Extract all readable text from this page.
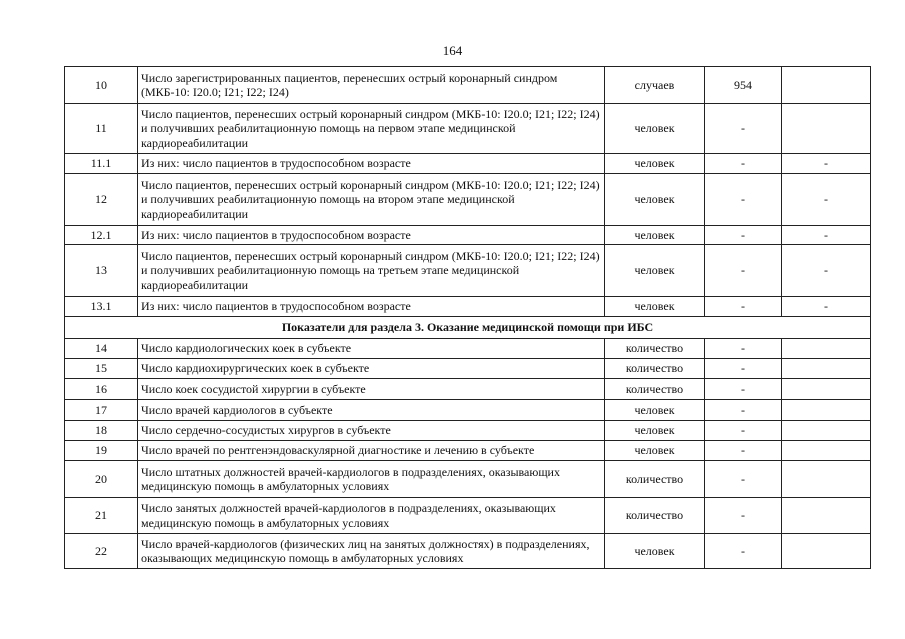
164
10	Число зарегистрированных пациентов, перенесших острый коронарный синдром (МКБ-10: I20.0; I21; I22; I24)	случаев	954	
11	Число пациентов, перенесших острый коронарный синдром (МКБ-10: I20.0; I21; I22; I24) и получивших реабилитационную помощь на первом этапе медицинской кардиореабилитации	человек	-	
11.1	Из них: число пациентов в трудоспособном возрасте	человек	-	-
12	Число пациентов, перенесших острый коронарный синдром (МКБ-10: I20.0; I21; I22; I24) и получивших реабилитационную помощь на втором этапе медицинской кардиореабилитации	человек	-	-
12.1	Из них: число пациентов в трудоспособном возрасте	человек	-	-
13	Число пациентов, перенесших острый коронарный синдром (МКБ-10: I20.0; I21; I22; I24) и получивших реабилитационную помощь на третьем этапе медицинской кардиореабилитации	человек	-	-
13.1	Из них: число пациентов в трудоспособном возрасте	человек	-	-
Показатели для раздела 3. Оказание медицинской помощи при ИБС				
14	Число кардиологических коек в субъекте	количество	-	
15	Число кардиохирургических коек в субъекте	количество	-	
16	Число коек сосудистой хирургии в субъекте	количество	-	
17	Число врачей кардиологов в субъекте	человек	-	
18	Число сердечно-сосудистых хирургов в субъекте	человек	-	
19	Число врачей по рентгенэндоваскулярной диагностике и лечению в субъекте	человек	-	
20	Число штатных должностей врачей-кардиологов в подразделениях, оказывающих медицинскую помощь в амбулаторных условиях	количество	-	
21	Число занятых должностей врачей-кардиологов в подразделениях, оказывающих медицинскую помощь в амбулаторных условиях	количество	-	
22	Число врачей-кардиологов (физических лиц на занятых должностях) в подразделениях, оказывающих медицинскую помощь в амбулаторных условиях	человек	-	
